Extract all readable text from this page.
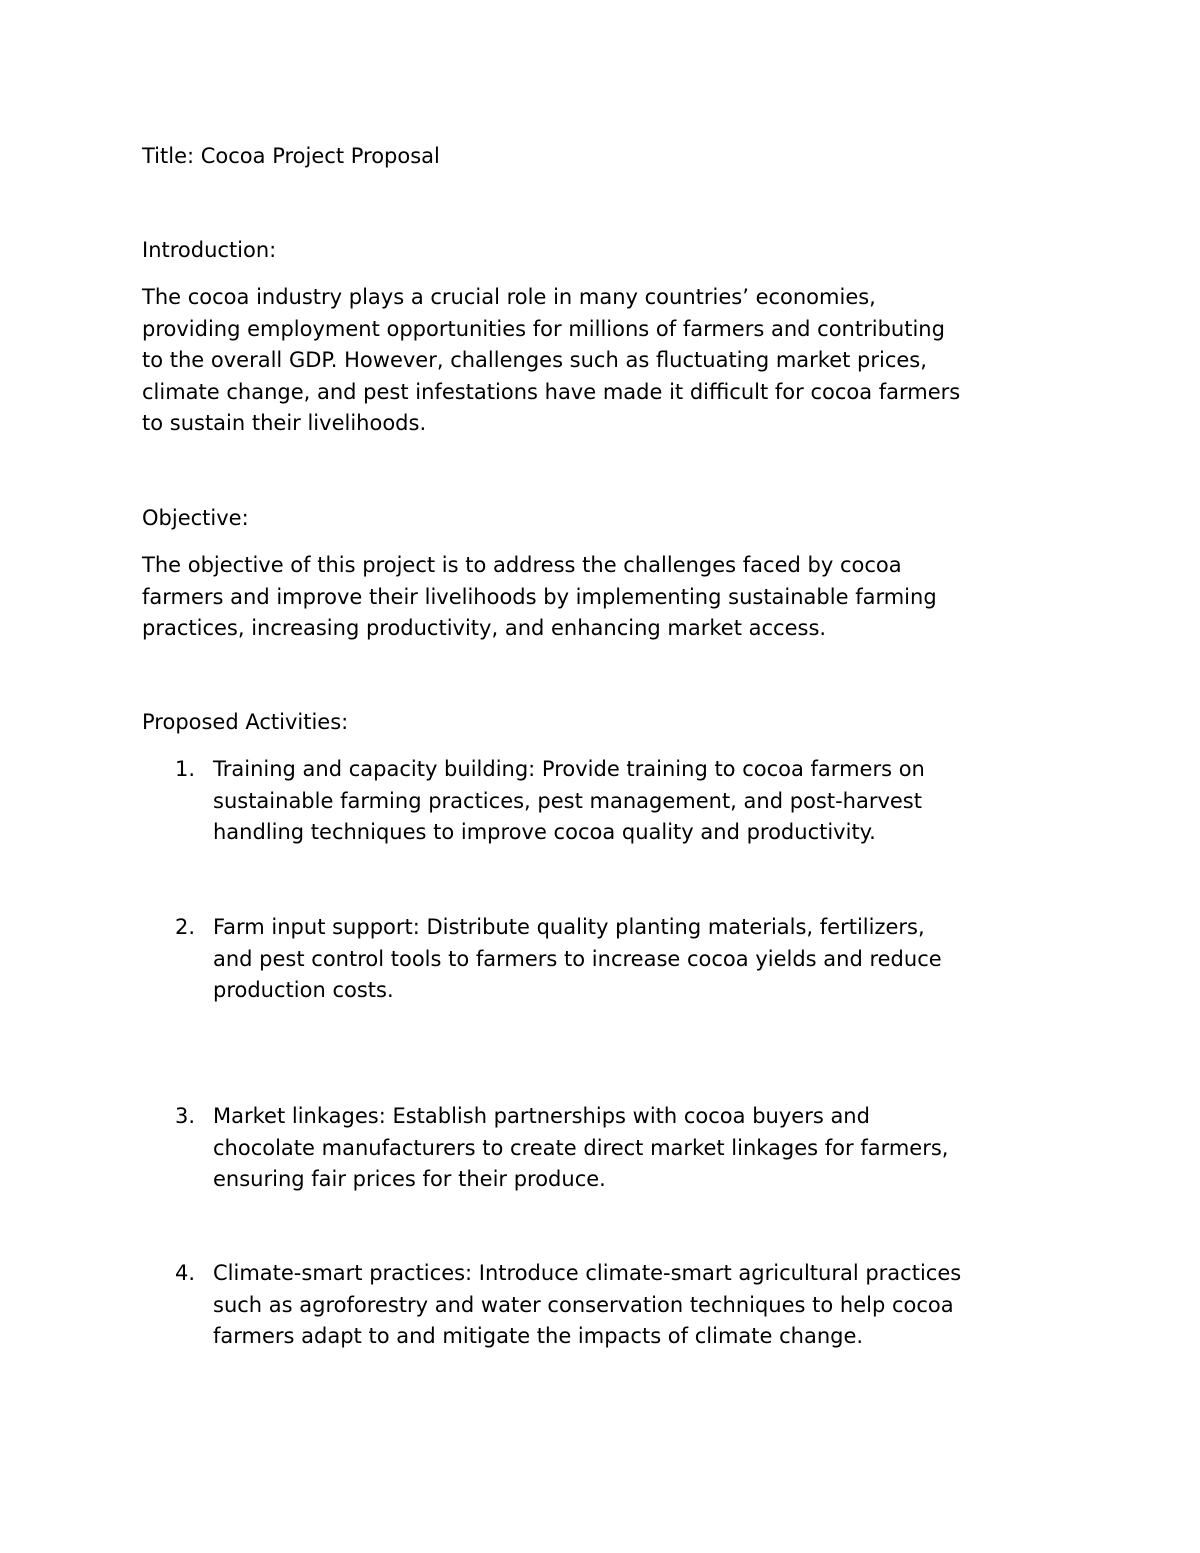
Title: Cocoa Project Proposal
Introduction:
The cocoa industry plays a crucial role in many countries’ economies,
providing employment opportunities for millions of farmers and contributing
to the overall GDP. However, challenges such as fluctuating market prices,
climate change, and pest infestations have made it difficult for cocoa farmers
to sustain their livelihoods.
Objective:
The objective of this project is to address the challenges faced by cocoa
farmers and improve their livelihoods by implementing sustainable farming
practices, increasing productivity, and enhancing market access.
Proposed Activities:
1. Training and capacity building: Provide training to cocoa farmers on
sustainable farming practices, pest management, and post-harvest
handling techniques to improve cocoa quality and productivity.
2. Farm input support: Distribute quality planting materials, fertilizers,
and pest control tools to farmers to increase cocoa yields and reduce
production costs.
3. Market linkages: Establish partnerships with cocoa buyers and
chocolate manufacturers to create direct market linkages for farmers,
ensuring fair prices for their produce.
4. Climate-smart practices: Introduce climate-smart agricultural practices
such as agroforestry and water conservation techniques to help cocoa
farmers adapt to and mitigate the impacts of climate change.
